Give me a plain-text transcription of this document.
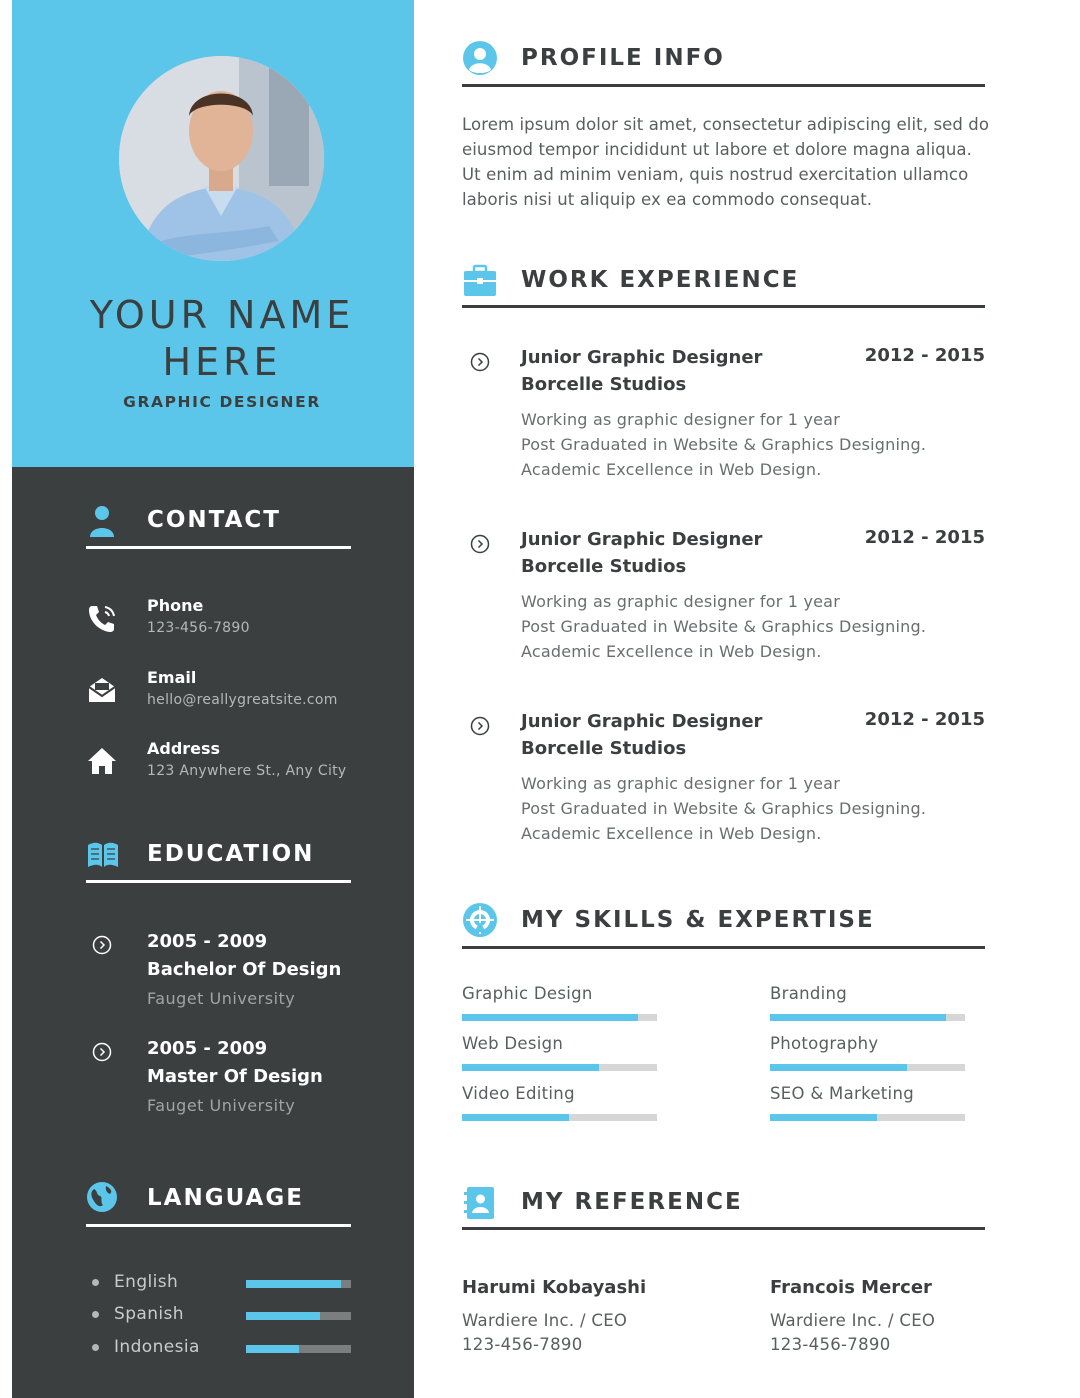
YOUR NAME
HERE
GRAPHIC DESIGNER
CONTACT
Phone
123-456-7890
Email
hello@reallygreatsite.com
Address
123 Anywhere St., Any City
EDUCATION
2005 - 2009
Bachelor Of Design
Fauget University
2005 - 2009
Master Of Design
Fauget University
LANGUAGE
English
Spanish
Indonesia
PROFILE INFO
Lorem ipsum dolor sit amet, consectetur adipiscing elit, sed do eiusmod tempor incididunt ut labore et dolore magna aliqua. Ut enim ad minim veniam, quis nostrud exercitation ullamco laboris nisi ut aliquip ex ea commodo consequat.
WORK EXPERIENCE
Junior Graphic Designer	2012 - 2015
Borcelle Studios
Working as graphic designer for 1 year
Post Graduated in Website & Graphics Designing.
Academic Excellence in Web Design.
Junior Graphic Designer	2012 - 2015
Borcelle Studios
Working as graphic designer for 1 year
Post Graduated in Website & Graphics Designing.
Academic Excellence in Web Design.
Junior Graphic Designer	2012 - 2015
Borcelle Studios
Working as graphic designer for 1 year
Post Graduated in Website & Graphics Designing.
Academic Excellence in Web Design.
MY SKILLS & EXPERTISE
Graphic Design	Branding
Web Design	Photography
Video Editing	SEO & Marketing
MY REFERENCE
Harumi Kobayashi
Wardiere Inc. / CEO
123-456-7890
Francois Mercer
Wardiere Inc. / CEO
123-456-7890
